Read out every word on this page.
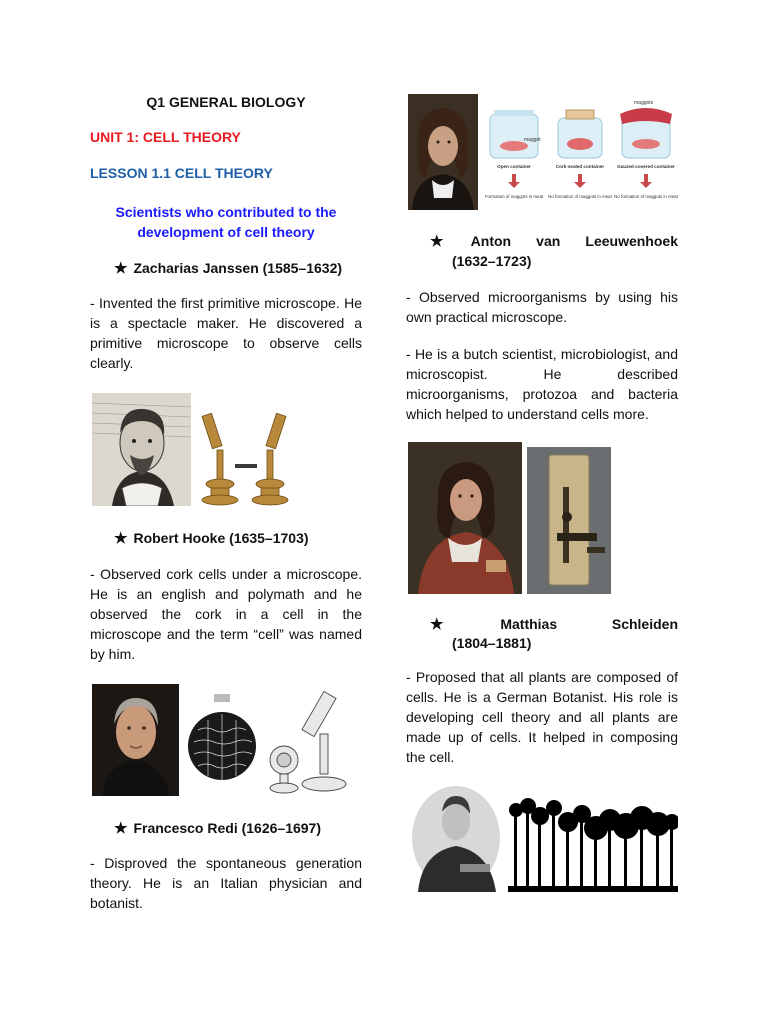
Q1 GENERAL BIOLOGY
UNIT 1: CELL THEORY
LESSON 1.1 CELL THEORY
Scientists who contributed to the development of cell theory
★ Zacharias Janssen (1585–1632)
- Invented the first primitive microscope. He is a spectacle maker. He discovered a primitive microscope to observe cells clearly.
★ Robert Hooke (1635–1703)
- Observed cork cells under a microscope. He is an english and polymath and he observed the cork in a cell in the microscope and the term “cell” was named by him.
★ Francesco Redi (1626–1697)
- Disproved the spontaneous generation theory. He is an Italian physician and botanist.
maggots
maggot
Open container	Cork-sealed container	Gauzed-covered container
Formation of maggots in meat No formation of maggots in meat No formation of maggots in meat
★ Anton van Leeuwenhoek
(1632–1723)
- Observed microorganisms by using his own practical microscope.
- He is a butch scientist, microbiologist, and microscopist. He described microorganisms, protozoa and bacteria which helped to understand cells more.
★ Matthias Schleiden
(1804–1881)
- Proposed that all plants are composed of cells. He is a German Botanist. His role is developing cell theory and all plants are made up of cells. It helped in composing the cell.
